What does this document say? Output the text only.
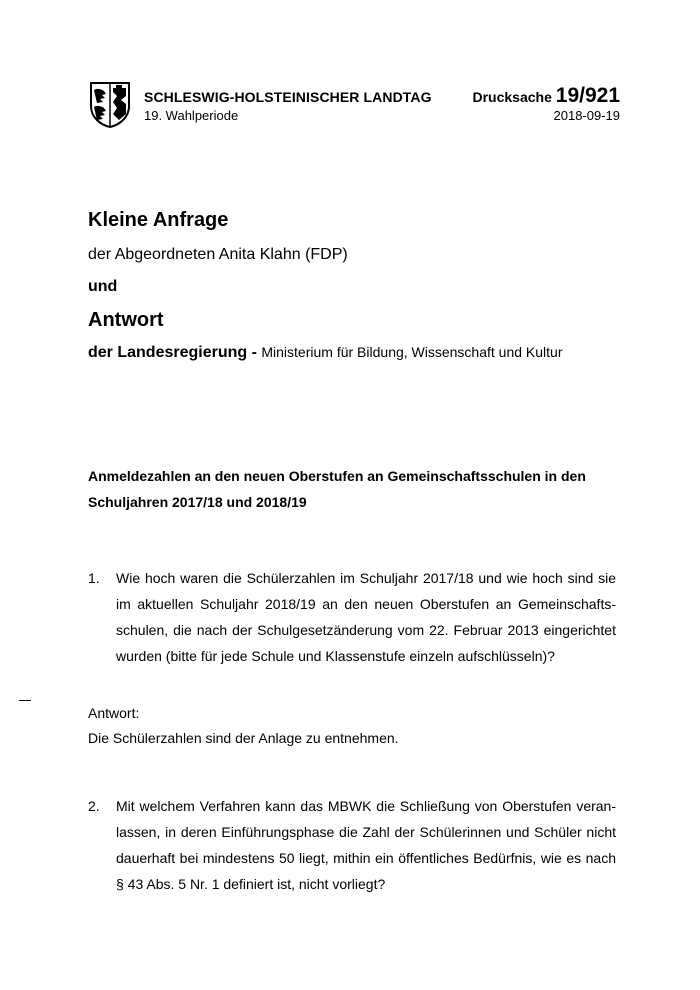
SCHLESWIG-HOLSTEINISCHER LANDTAG
19. Wahlperiode
Drucksache 19/921
2018-09-19
Kleine Anfrage
der Abgeordneten Anita Klahn (FDP)
und
Antwort
der Landesregierung - Ministerium für Bildung, Wissenschaft und Kultur
Anmeldezahlen an den neuen Oberstufen an Gemeinschaftsschulen in den Schuljahren 2017/18 und 2018/19
1. Wie hoch waren die Schülerzahlen im Schuljahr 2017/18 und wie hoch sind sie im aktuellen Schuljahr 2018/19 an den neuen Oberstufen an Gemeinschafts-schulen, die nach der Schulgesetzänderung vom 22. Februar 2013 eingerichtet wurden (bitte für jede Schule und Klassenstufe einzeln aufschlüsseln)?
Antwort:
Die Schülerzahlen sind der Anlage zu entnehmen.
2. Mit welchem Verfahren kann das MBWK die Schließung von Oberstufen veran-lassen, in deren Einführungsphase die Zahl der Schülerinnen und Schüler nicht dauerhaft bei mindestens 50 liegt, mithin ein öffentliches Bedürfnis, wie es nach § 43 Abs. 5 Nr. 1 definiert ist, nicht vorliegt?
